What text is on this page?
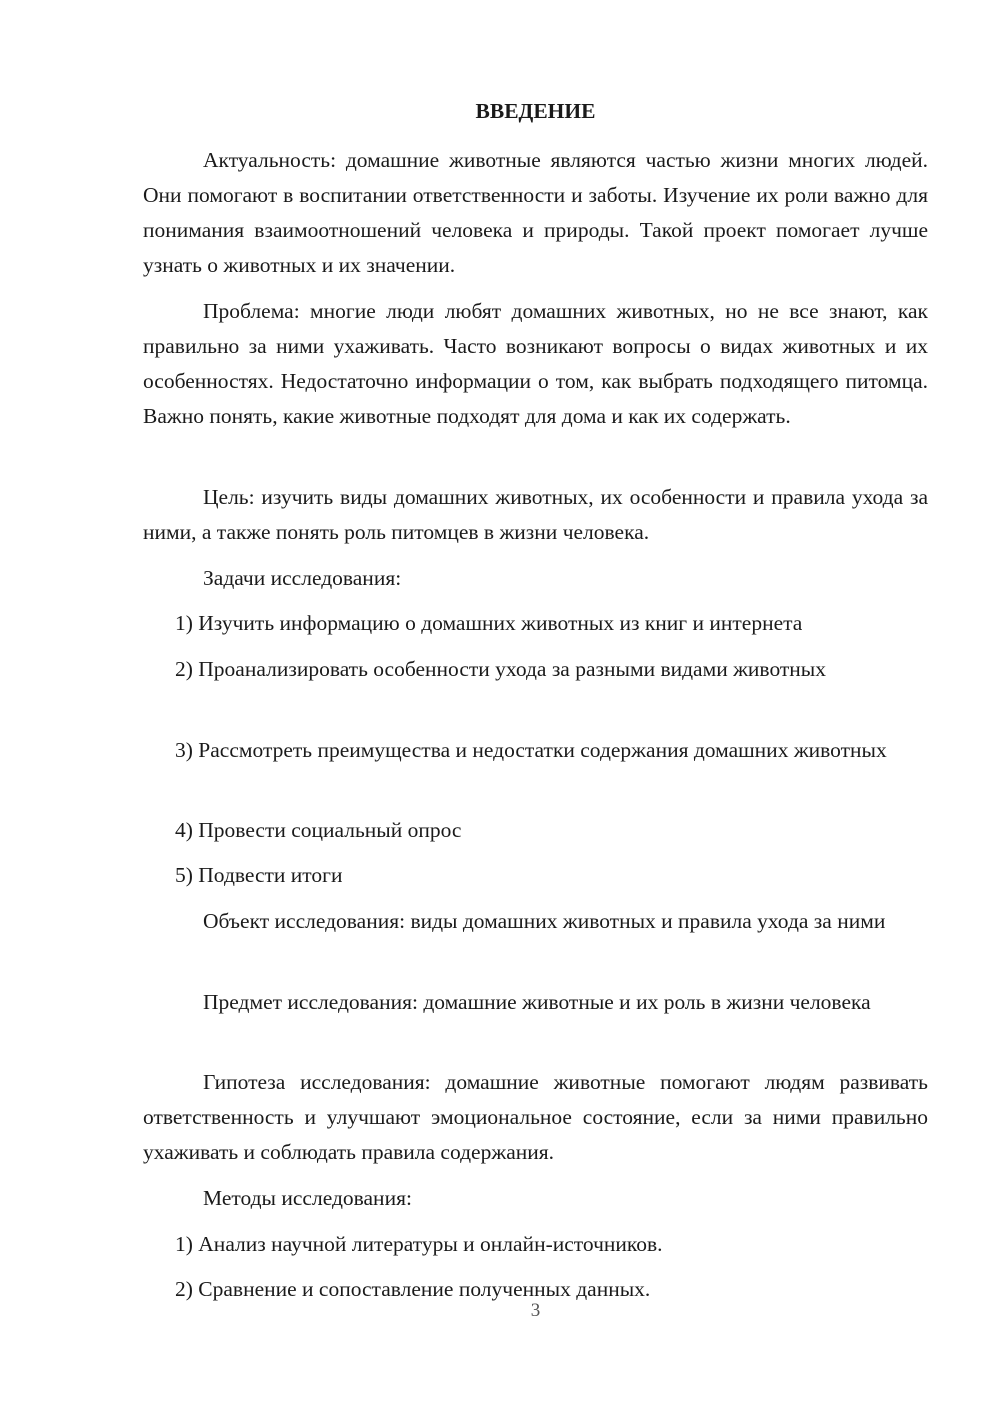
ВВЕДЕНИЕ

Актуальность: домашние животные являются частью жизни многих людей. Они помогают в воспитании ответственности и заботы. Изучение их роли важно для понимания взаимоотношений человека и природы. Такой проект помогает лучше узнать о животных и их значении.

Проблема: многие люди любят домашних животных, но не все знают, как правильно за ними ухаживать. Часто возникают вопросы о видах животных и их особенностях. Недостаточно информации о том, как выбрать подходящего питомца. Важно понять, какие животные подходят для дома и как их содержать.

Цель: изучить виды домашних животных, их особенности и правила ухода за ними, а также понять роль питомцев в жизни человека.

Задачи исследования:

1) Изучить информацию о домашних животных из книг и интернета

2) Проанализировать особенности ухода за разными видами животных

3) Рассмотреть преимущества и недостатки содержания домашних животных

4) Провести социальный опрос

5) Подвести итоги

Объект исследования: виды домашних животных и правила ухода за ними

Предмет исследования: домашние животные и их роль в жизни человека

Гипотеза исследования: домашние животные помогают людям развивать ответственность и улучшают эмоциональное состояние, если за ними правильно ухаживать и соблюдать правила содержания.

Методы исследования:

1) Анализ научной литературы и онлайн-источников.

2) Сравнение и сопоставление полученных данных.

3
